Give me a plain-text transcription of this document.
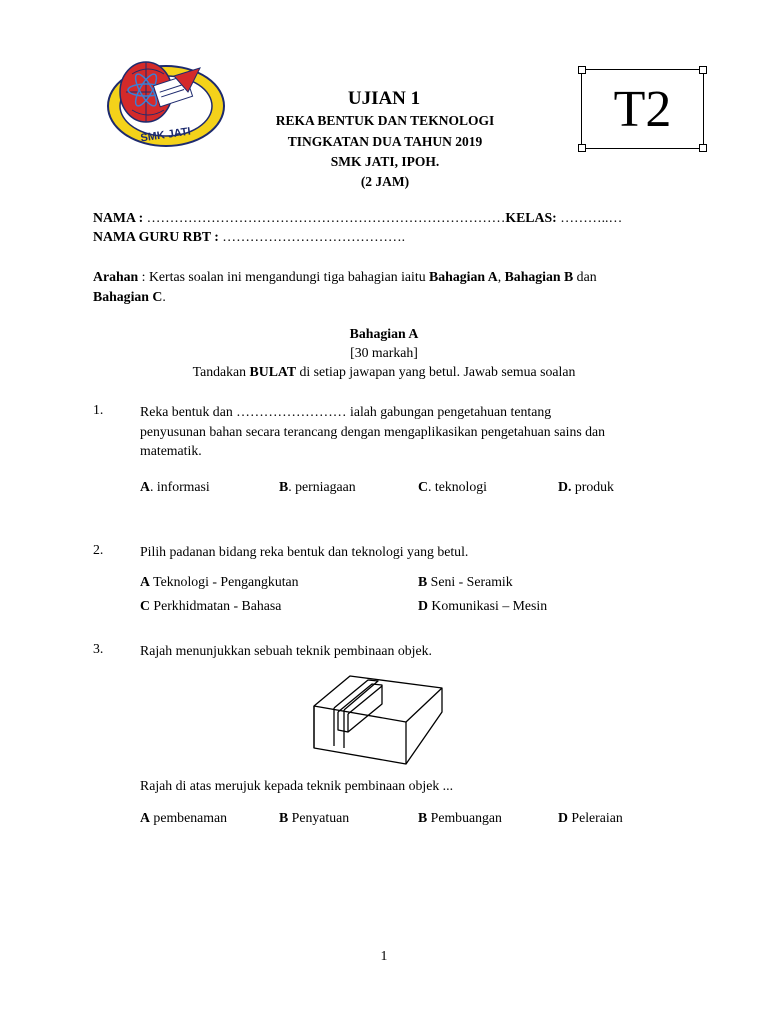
SMK JATI
UJIAN 1
REKA BENTUK DAN TEKNOLOGI
TINGKATAN DUA TAHUN 2019
SMK JATI, IPOH.
(2 JAM)
T2
NAMA : ……………………………………………………………………KELAS: ………..…
NAMA GURU RBT : ………………………………….
Arahan : Kertas soalan ini mengandungi tiga bahagian iaitu Bahagian A, Bahagian B dan
Bahagian C.
Bahagian A
[30 markah]
Tandakan BULAT di setiap jawapan yang betul. Jawab semua soalan
1.	Reka bentuk dan …………………… ialah gabungan pengetahuan tentang
penyusunan bahan secara terancang dengan mengaplikasikan pengetahuan sains dan
matematik.
A. informasi	B. perniagaan	C. teknologi	D. produk
2.	Pilih padanan bidang reka bentuk dan teknologi yang betul.
A Teknologi - Pengangkutan	B Seni - Seramik
C Perkhidmatan - Bahasa	D Komunikasi – Mesin
3.	Rajah menunjukkan sebuah teknik pembinaan objek.
Rajah di atas merujuk kepada teknik pembinaan objek ...
A pembenaman	B Penyatuan	B Pembuangan	D Peleraian
1
